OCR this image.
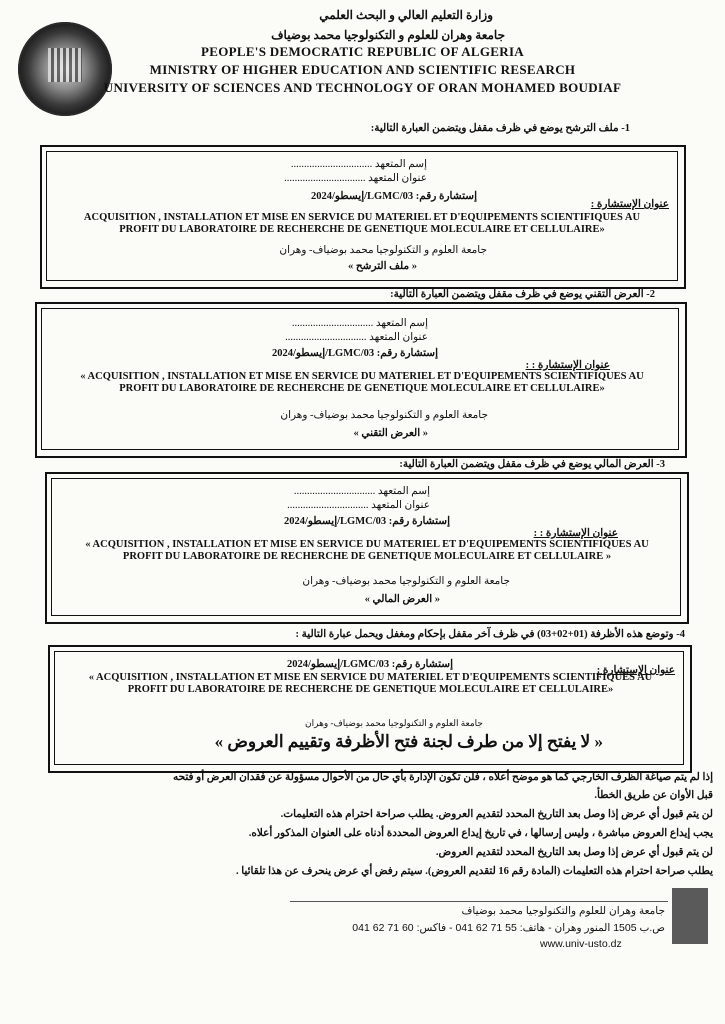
وزارة التعليم العالي و البحث العلمي
جامعة وهران للعلوم و التكنولوجيا محمد بوضياف
PEOPLE'S DEMOCRATIC REPUBLIC OF ALGERIA
MINISTRY OF HIGHER EDUCATION AND SCIENTIFIC RESEARCH
UNIVERSITY OF SCIENCES AND TECHNOLOGY OF ORAN MOHAMED BOUDIAF
1- ملف الترشح يوضع في ظرف مقفل ويتضمن العبارة التالية:
إسم المتعهد ...............................
عنوان المتعهد ...............................
إستشارة رقم: 03/LGMC/إيسطو/2024
عنوان الإستشارة :
ACQUISITION , INSTALLATION ET MISE EN SERVICE DU MATERIEL ET D'EQUIPEMENTS SCIENTIFIQUES AU PROFIT DU LABORATOIRE DE RECHERCHE DE GENETIQUE MOLECULAIRE ET CELLULAIRE»
جامعة العلوم و التكنولوجيا محمد بوضياف- وهران
« ملف الترشح »
2- العرض التقني يوضع في ظرف مقفل ويتضمن العبارة التالية:
إسم المتعهد ...............................
عنوان المتعهد ...............................
إستشارة رقم: 03/LGMC/إيسطو/2024
عنوان الإستشارة : :
« ACQUISITION , INSTALLATION ET MISE EN SERVICE DU MATERIEL ET D'EQUIPEMENTS SCIENTIFIQUES AU PROFIT DU LABORATOIRE DE RECHERCHE DE GENETIQUE MOLECULAIRE ET CELLULAIRE»
جامعة العلوم و التكنولوجيا محمد بوضياف- وهران
« العرض التقني »
3- العرض المالي يوضع في ظرف مقفل ويتضمن العبارة التالية:
إسم المتعهد ...............................
عنوان المتعهد ...............................
إستشارة رقم: 03/LGMC/إيسطو/2024
عنوان الإستشارة : :
« ACQUISITION , INSTALLATION ET MISE EN SERVICE DU MATERIEL ET D'EQUIPEMENTS SCIENTIFIQUES AU PROFIT DU LABORATOIRE DE RECHERCHE DE GENETIQUE MOLECULAIRE ET CELLULAIRE »
جامعة العلوم و التكنولوجيا محمد بوضياف- وهران
« العرض المالي »
4- وتوضع هذه الأظرفة (01+02+03) في ظرف آخر مقفل بإحكام ومغفل ويحمل عبارة التالية :
إستشارة رقم: 03/LGMC/إيسطو/2024
عنوان الإستشارة :
« ACQUISITION , INSTALLATION ET MISE EN SERVICE DU MATERIEL ET D'EQUIPEMENTS SCIENTIFIQUES AU PROFIT DU LABORATOIRE DE RECHERCHE DE GENETIQUE MOLECULAIRE ET CELLULAIRE»
جامعة العلوم و التكنولوجيا محمد بوضياف- وهران
« لا يفتح إلا من طرف لجنة فتح الأظرفة وتقييم العروض »
إذا لم يتم صياغة الظرف الخارجي كما هو موضح أعلاه ، فلن تكون الإدارة بأي حال من الأحوال مسؤولة عن فقدان العرض أو فتحه
قبل الأوان عن طريق الخطأ.
لن يتم قبول أي عرض إذا وصل بعد التاريخ المحدد لتقديم العروض. يطلب صراحة احترام هذه التعليمات.
يجب إيداع العروض مباشرة ، وليس إرسالها ، في تاريخ إيداع العروض المحددة أدناه على العنوان المذكور أعلاه.
لن يتم قبول أي عرض إذا وصل بعد التاريخ المحدد لتقديم العروض.
يطلب صراحة احترام هذه التعليمات (المادة رقم 16 لتقديم العروض). سيتم رفض أي عرض ينحرف عن هذا تلقائيا .
جامعة وهران للعلوم والتكنولوجيا محمد بوضياف
ص.ب 1505 المنور وهران - هاتف: 55 71 62 041 - فاكس: 60 71 62 041
www.univ-usto.dz
